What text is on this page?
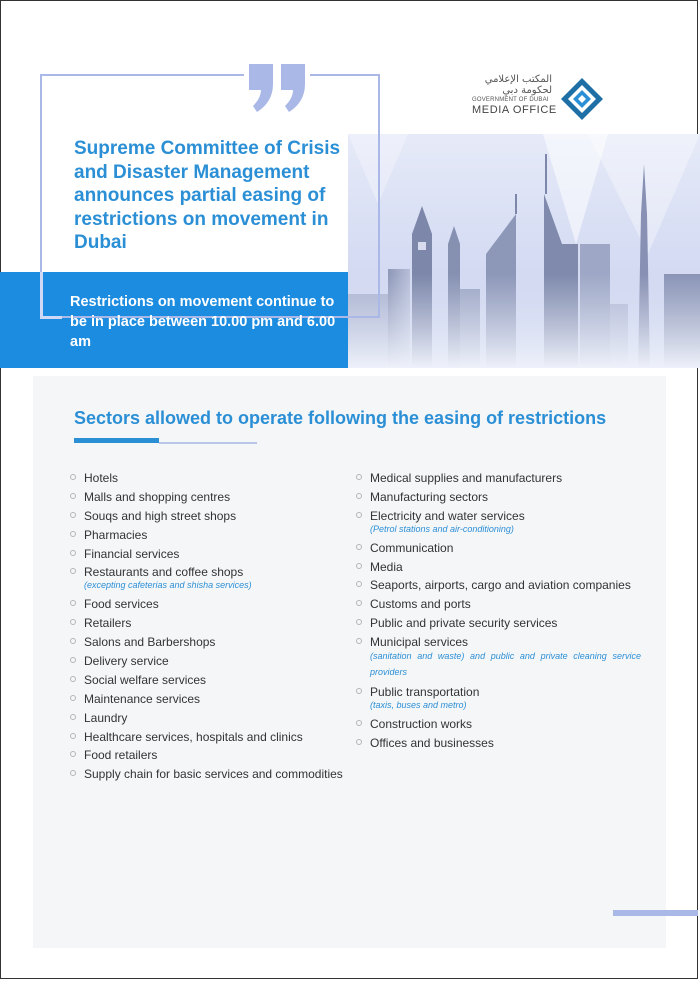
Supreme Committee of Crisis and Disaster Management announces partial easing of restrictions on movement in Dubai

Restrictions on movement continue to be in place between 10.00 pm and 6.00 am

المكتب الإعلامي
لحكومة دبي
GOVERNMENT OF DUBAI
MEDIA OFFICE
Sectors allowed to operate following the easing of restrictions
Hotels
Malls and shopping centres
Souqs and high street shops
Pharmacies
Financial services
Restaurants and coffee shops
(excepting cafeterias and shisha services)
Food services
Retailers
Salons and Barbershops
Delivery service
Social welfare services
Maintenance services
Laundry
Healthcare services, hospitals and clinics
Food retailers
Supply chain for basic services and commodities
Medical supplies and manufacturers
Manufacturing sectors
Electricity and water services
(Petrol stations and air-conditioning)
Communication
Media
Seaports, airports, cargo and aviation companies
Customs and ports
Public and private security services
Municipal services
(sanitation and waste) and public and private cleaning service providers
Public transportation
(taxis, buses and metro)
Construction works
Offices and businesses
